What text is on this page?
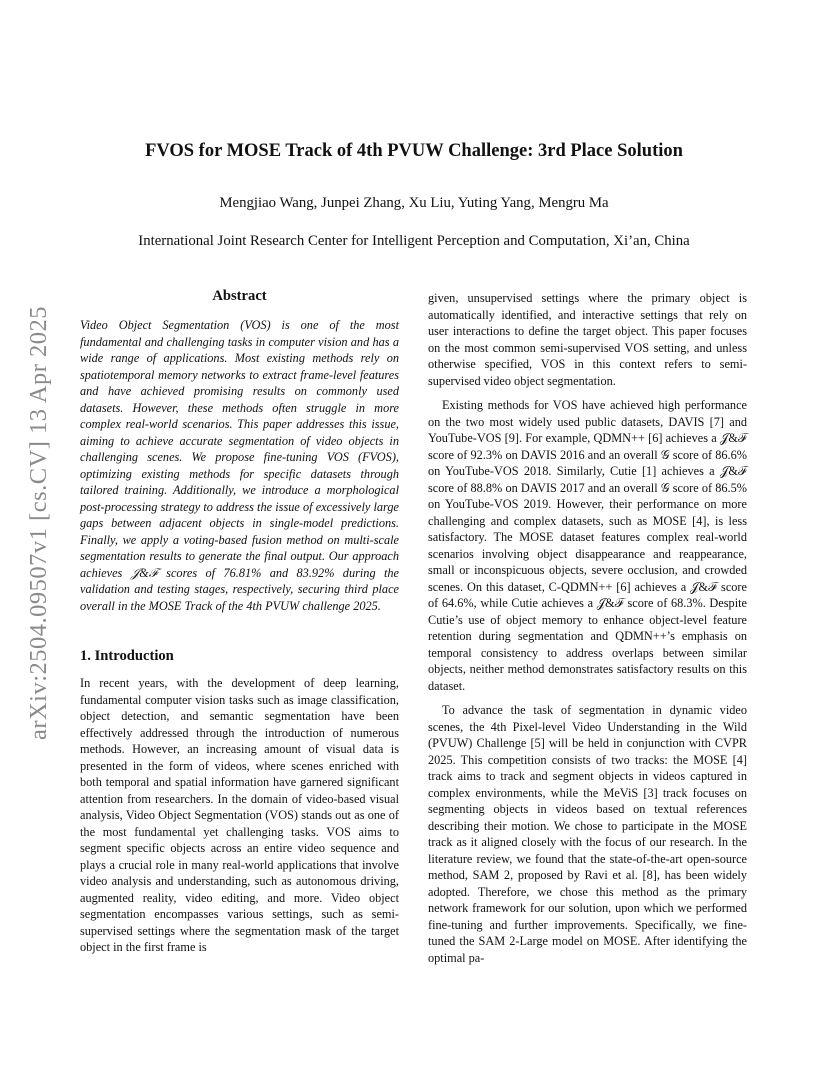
arXiv:2504.09507v1 [cs.CV] 13 Apr 2025
FVOS for MOSE Track of 4th PVUW Challenge: 3rd Place Solution
Mengjiao Wang, Junpei Zhang, Xu Liu, Yuting Yang, Mengru Ma
International Joint Research Center for Intelligent Perception and Computation, Xi’an, China
Abstract

Video Object Segmentation (VOS) is one of the most fundamental and challenging tasks in computer vision and has a wide range of applications. Most existing methods rely on spatiotemporal memory networks to extract frame-level features and have achieved promising results on commonly used datasets. However, these methods often struggle in more complex real-world scenarios. This paper addresses this issue, aiming to achieve accurate segmentation of video objects in challenging scenes. We propose fine-tuning VOS (FVOS), optimizing existing methods for specific datasets through tailored training. Additionally, we introduce a morphological post-processing strategy to address the issue of excessively large gaps between adjacent objects in single-model predictions. Finally, we apply a voting-based fusion method on multi-scale segmentation results to generate the final output. Our approach achieves 𝒥&ℱ scores of 76.81% and 83.92% during the validation and testing stages, respectively, securing third place overall in the MOSE Track of the 4th PVUW challenge 2025.

1. Introduction

In recent years, with the development of deep learning, fundamental computer vision tasks such as image classification, object detection, and semantic segmentation have been effectively addressed through the introduction of numerous methods. However, an increasing amount of visual data is presented in the form of videos, where scenes enriched with both temporal and spatial information have garnered significant attention from researchers. In the domain of video-based visual analysis, Video Object Segmentation (VOS) stands out as one of the most fundamental yet challenging tasks. VOS aims to segment specific objects across an entire video sequence and plays a crucial role in many real-world applications that involve video analysis and understanding, such as autonomous driving, augmented reality, video editing, and more. Video object segmentation encompasses various settings, such as semi-supervised settings where the segmentation mask of the target object in the first frame is

given, unsupervised settings where the primary object is automatically identified, and interactive settings that rely on user interactions to define the target object. This paper focuses on the most common semi-supervised VOS setting, and unless otherwise specified, VOS in this context refers to semi-supervised video object segmentation.

Existing methods for VOS have achieved high performance on the two most widely used public datasets, DAVIS [7] and YouTube-VOS [9]. For example, QDMN++ [6] achieves a 𝒥&ℱ score of 92.3% on DAVIS 2016 and an overall 𝒢 score of 86.6% on YouTube-VOS 2018. Similarly, Cutie [1] achieves a 𝒥&ℱ score of 88.8% on DAVIS 2017 and an overall 𝒢 score of 86.5% on YouTube-VOS 2019. However, their performance on more challenging and complex datasets, such as MOSE [4], is less satisfactory. The MOSE dataset features complex real-world scenarios involving object disappearance and reappearance, small or inconspicuous objects, severe occlusion, and crowded scenes. On this dataset, C-QDMN++ [6] achieves a 𝒥&ℱ score of 64.6%, while Cutie achieves a 𝒥&ℱ score of 68.3%. Despite Cutie’s use of object memory to enhance object-level feature retention during segmentation and QDMN++’s emphasis on temporal consistency to address overlaps between similar objects, neither method demonstrates satisfactory results on this dataset.

To advance the task of segmentation in dynamic video scenes, the 4th Pixel-level Video Understanding in the Wild (PVUW) Challenge [5] will be held in conjunction with CVPR 2025. This competition consists of two tracks: the MOSE [4] track aims to track and segment objects in videos captured in complex environments, while the MeViS [3] track focuses on segmenting objects in videos based on textual references describing their motion. We chose to participate in the MOSE track as it aligned closely with the focus of our research. In the literature review, we found that the state-of-the-art open-source method, SAM 2, proposed by Ravi et al. [8], has been widely adopted. Therefore, we chose this method as the primary network framework for our solution, upon which we performed fine-tuning and further improvements. Specifically, we fine-tuned the SAM 2-Large model on MOSE. After identifying the optimal pa-
